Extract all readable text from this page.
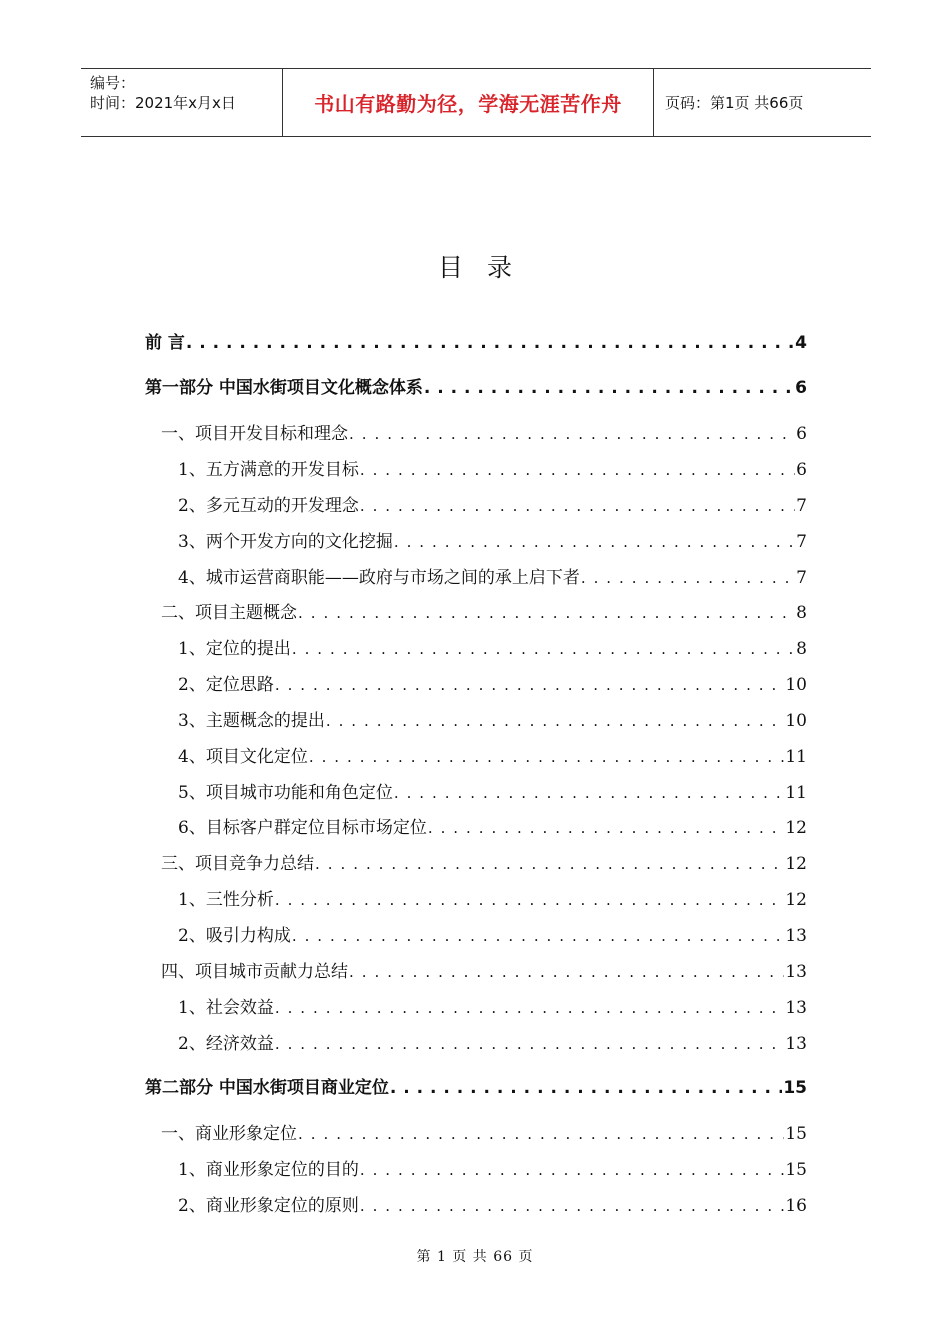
编号：
时间：2021年x月x日	书山有路勤为径，学海无涯苦作舟	页码：第1页 共66页
目录
前 言 . . .	4
第一部分 中国水街项目文化概念体系 . . .	6
一、项目开发目标和理念 . . .	6
1、五方满意的开发目标 . . .	6
2、多元互动的开发理念 . . .	7
3、两个开发方向的文化挖掘 . . .	7
4、城市运营商职能——政府与市场之间的承上启下者 . . .	7
二、项目主题概念 . . .	8
1、定位的提出 . . .	8
2、定位思路 . . .	10
3、主题概念的提出 . . .	10
4、项目文化定位 . . .	11
5、项目城市功能和角色定位 . . .	11
6、目标客户群定位目标市场定位 . . .	12
三、项目竞争力总结 . . .	12
1、三性分析 . . .	12
2、吸引力构成 . . .	13
四、项目城市贡献力总结 . . .	13
1、社会效益 . . .	13
2、经济效益 . . .	13
第二部分 中国水街项目商业定位 . . .	15
一、商业形象定位 . . .	15
1、商业形象定位的目的 . . .	15
2、商业形象定位的原则 . . .	16
第 1 页 共 66 页
